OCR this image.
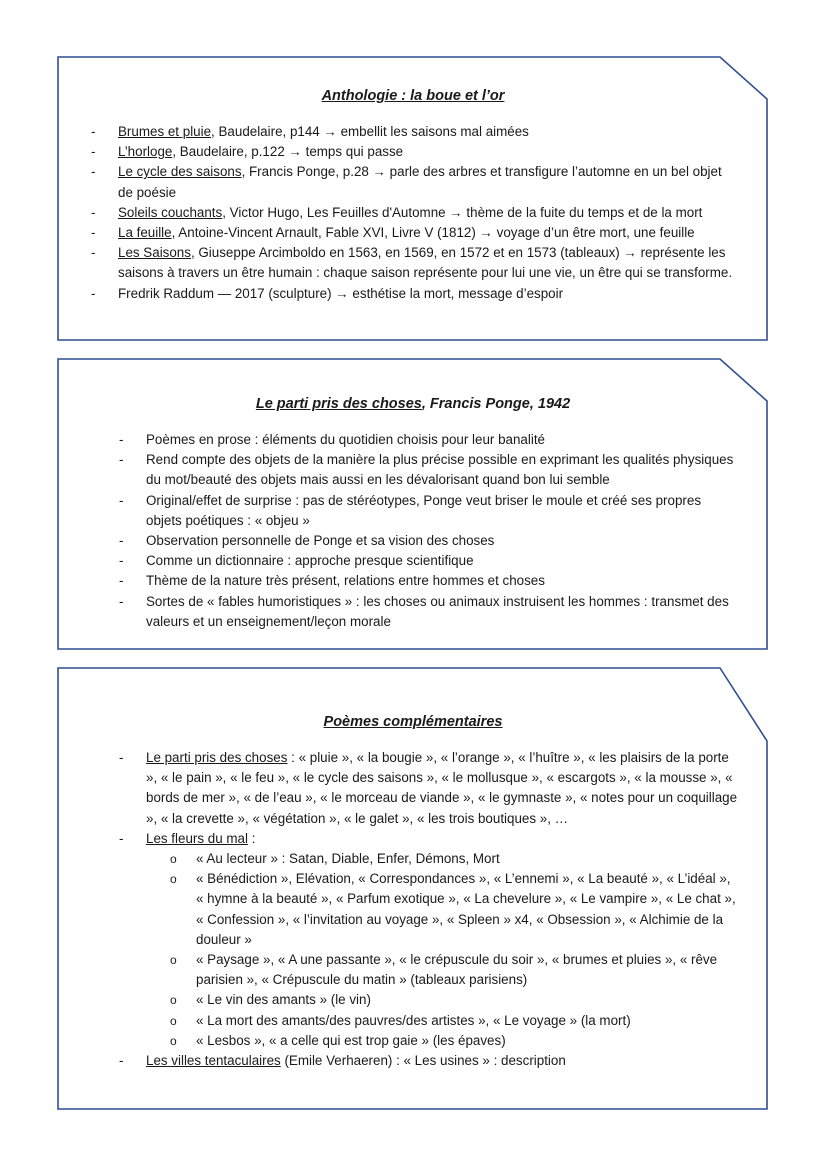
Anthologie : la boue et l’or

- Brumes et pluie, Baudelaire, p144 → embellit les saisons mal aimées
- L’horloge, Baudelaire, p.122 → temps qui passe
- Le cycle des saisons, Francis Ponge, p.28 → parle des arbres et transfigure l’automne en un bel objet de poésie
- Soleils couchants, Victor Hugo, Les Feuilles d'Automne → thème de la fuite du temps et de la mort
- La feuille, Antoine-Vincent Arnault, Fable XVI, Livre V (1812) → voyage d’un être mort, une feuille
- Les Saisons, Giuseppe Arcimboldo en 1563, en 1569, en 1572 et en 1573 (tableaux) → représente les saisons à travers un être humain : chaque saison représente pour lui une vie, un être qui se transforme.
- Fredrik Raddum — 2017 (sculpture) → esthétise la mort, message d’espoir

Le parti pris des choses, Francis Ponge, 1942

- Poèmes en prose : éléments du quotidien choisis pour leur banalité
- Rend compte des objets de la manière la plus précise possible en exprimant les qualités physiques du mot/beauté des objets mais aussi en les dévalorisant quand bon lui semble
- Original/effet de surprise : pas de stéréotypes, Ponge veut briser le moule et créé ses propres objets poétiques : « objeu »
- Observation personnelle de Ponge et sa vision des choses
- Comme un dictionnaire : approche presque scientifique
- Thème de la nature très présent, relations entre hommes et choses
- Sortes de « fables humoristiques » : les choses ou animaux instruisent les hommes : transmet des valeurs et un enseignement/leçon morale

Poèmes complémentaires

- Le parti pris des choses : « pluie », « la bougie », « l’orange », « l’huître », « les plaisirs de la porte », « le pain », « le feu », « le cycle des saisons », « le mollusque », « escargots », « la mousse », « bords de mer », « de l’eau », « le morceau de viande », « le gymnaste », « notes pour un coquillage », « la crevette », « végétation », « le galet », « les trois boutiques », …
- Les fleurs du mal :
o « Au lecteur » : Satan, Diable, Enfer, Démons, Mort
o « Bénédiction », Elévation, « Correspondances », « L’ennemi », « La beauté », « L’idéal », « hymne à la beauté », « Parfum exotique », « La chevelure », « Le vampire », « Le chat », « Confession », « l’invitation au voyage », « Spleen » x4, « Obsession », « Alchimie de la douleur »
o « Paysage », « A une passante », « le crépuscule du soir », « brumes et pluies », « rêve parisien », « Crépuscule du matin » (tableaux parisiens)
o « Le vin des amants » (le vin)
o « La mort des amants/des pauvres/des artistes », « Le voyage » (la mort)
o « Lesbos », « a celle qui est trop gaie » (les épaves)
- Les villes tentaculaires (Emile Verhaeren) : « Les usines » : description
